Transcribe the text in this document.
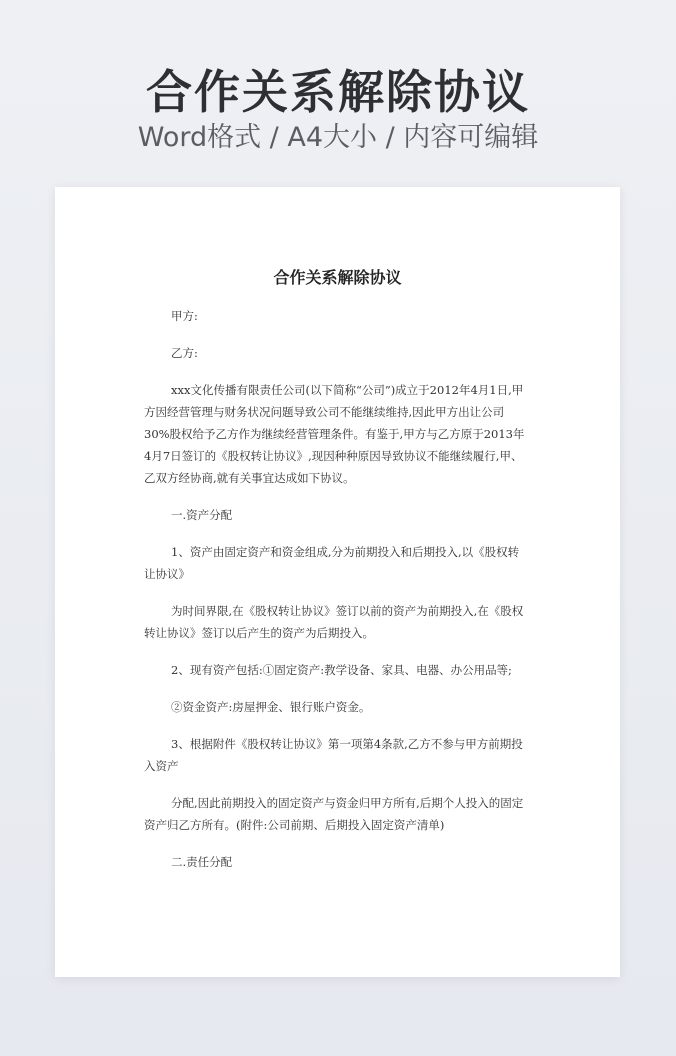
合作关系解除协议
Word格式 / A4大小 / 内容可编辑
合作关系解除协议

甲方:

乙方:

xxx文化传播有限责任公司(以下简称“公司”)成立于2012年4月1日,甲方因经营管理与财务状况问题导致公司不能继续维持,因此甲方出让公司30%股权给予乙方作为继续经营管理条件。有鉴于,甲方与乙方原于2013年4月7日签订的《股权转让协议》,现因种种原因导致协议不能继续履行,甲、乙双方经协商,就有关事宜达成如下协议。

一.资产分配

1、资产由固定资产和资金组成,分为前期投入和后期投入,以《股权转让协议》

为时间界限,在《股权转让协议》签订以前的资产为前期投入,在《股权转让协议》签订以后产生的资产为后期投入。

2、现有资产包括:①固定资产:教学设备、家具、电器、办公用品等;

②资金资产:房屋押金、银行账户资金。

3、根据附件《股权转让协议》第一项第4条款,乙方不参与甲方前期投入资产

分配,因此前期投入的固定资产与资金归甲方所有,后期个人投入的固定资产归乙方所有。(附件:公司前期、后期投入固定资产清单)

二.责任分配
